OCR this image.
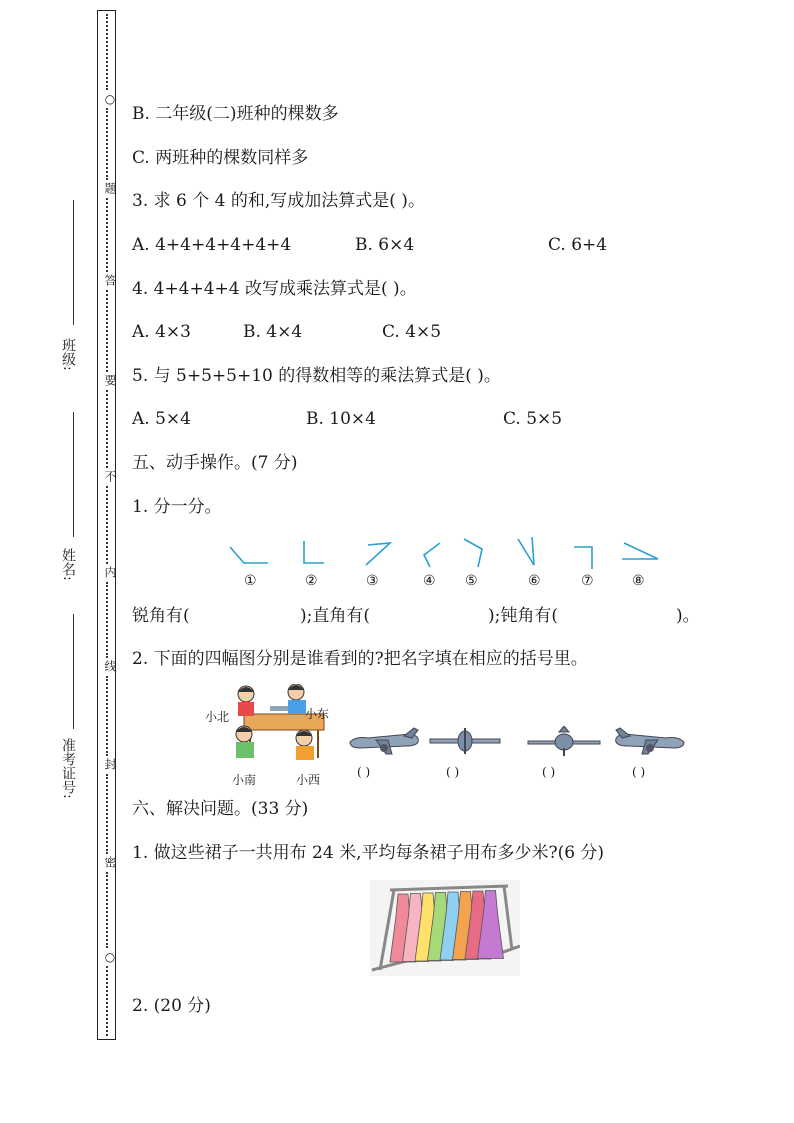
○
题
答
要
不
内
线
封
密
○
班级:
姓名:
准考证号:
B. 二年级(二)班种的棵数多
C. 两班种的棵数同样多
3. 求 6 个 4 的和,写成加法算式是( )。
A. 4+4+4+4+4+4	B. 6×4	C. 6+4
4. 4+4+4+4 改写成乘法算式是( )。
A. 4×3	B. 4×4	C. 4×5
5. 与 5+5+5+10 的得数相等的乘法算式是( )。
A. 5×4	B. 10×4	C. 5×5
五、动手操作。(7 分)
1. 分一分。
①	②	③	④ ⑤	⑥	⑦	⑧
锐角有(	);直角有(	);钝角有(	)。
2. 下面的四幅图分别是谁看到的?把名字填在相应的括号里。
小北	小东
小南	小西
( )	( )	( )	( )
六、解决问题。(33 分)
1. 做这些裙子一共用布 24 米,平均每条裙子用布多少米?(6 分)
2. (20 分)
